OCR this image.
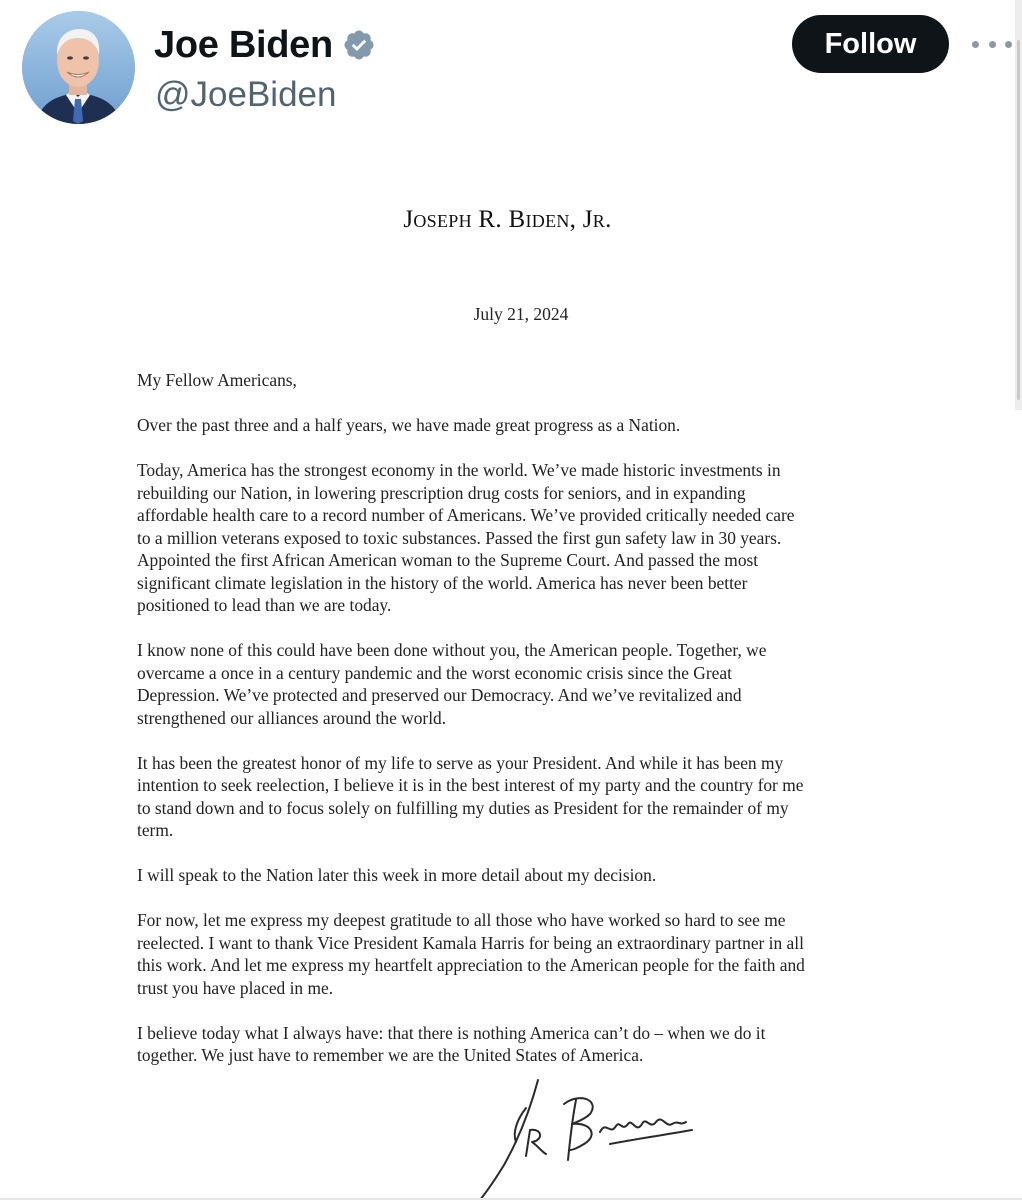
Joe Biden
@JoeBiden
Follow
Joseph R. Biden, Jr.
July 21, 2024

My Fellow Americans,

Over the past three and a half years, we have made great progress as a Nation.

Today, America has the strongest economy in the world. We’ve made historic investments in
rebuilding our Nation, in lowering prescription drug costs for seniors, and in expanding
affordable health care to a record number of Americans. We’ve provided critically needed care
to a million veterans exposed to toxic substances. Passed the first gun safety law in 30 years.
Appointed the first African American woman to the Supreme Court. And passed the most
significant climate legislation in the history of the world. America has never been better
positioned to lead than we are today.

I know none of this could have been done without you, the American people. Together, we
overcame a once in a century pandemic and the worst economic crisis since the Great
Depression. We’ve protected and preserved our Democracy. And we’ve revitalized and
strengthened our alliances around the world.

It has been the greatest honor of my life to serve as your President. And while it has been my
intention to seek reelection, I believe it is in the best interest of my party and the country for me
to stand down and to focus solely on fulfilling my duties as President for the remainder of my
term.

I will speak to the Nation later this week in more detail about my decision.

For now, let me express my deepest gratitude to all those who have worked so hard to see me
reelected. I want to thank Vice President Kamala Harris for being an extraordinary partner in all
this work. And let me express my heartfelt appreciation to the American people for the faith and
trust you have placed in me.

I believe today what I always have: that there is nothing America can’t do – when we do it
together. We just have to remember we are the United States of America.
